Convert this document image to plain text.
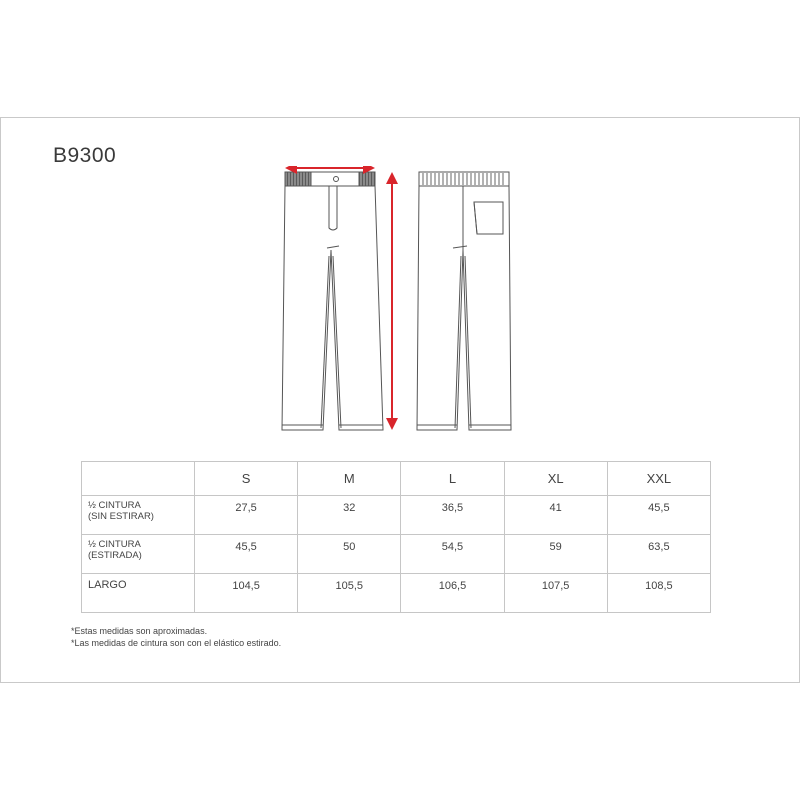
B9300
	S	M	L	XL	XXL
½ CINTURA
(SIN ESTIRAR)	27,5	32	36,5	41	45,5
½ CINTURA
(ESTIRADA)	45,5	50	54,5	59	63,5
LARGO	104,5	105,5	106,5	107,5	108,5
*Estas medidas son aproximadas.
*Las medidas de cintura son con el elástico estirado.
